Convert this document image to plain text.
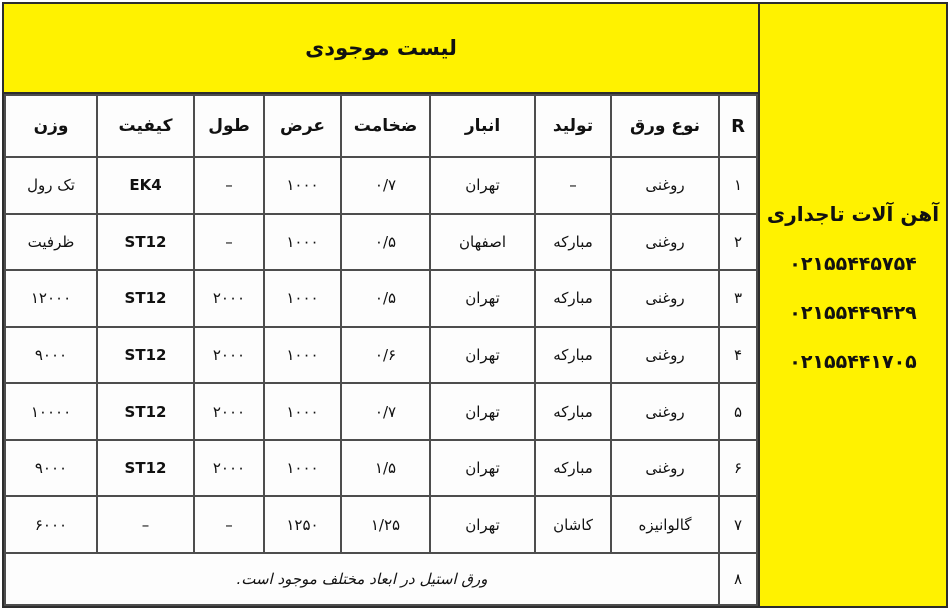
آهن آلات تاجداری
۰۲۱۵۵۴۴۵۷۵۴
۰۲۱۵۵۴۴۹۴۲۹
۰۲۱۵۵۴۴۱۷۰۵
لیست موجودی
R	نوع ورق	تولید	انبار	ضخامت	عرض	طول	کیفیت	وزن
۱	روغنی	–	تهران	۰/۷	۱۰۰۰	–	EK4	تک رول
۲	روغنی	مبارکه	اصفهان	۰/۵	۱۰۰۰	–	ST12	ظرفیت
۳	روغنی	مبارکه	تهران	۰/۵	۱۰۰۰	۲۰۰۰	ST12	۱۲۰۰۰
۴	روغنی	مبارکه	تهران	۰/۶	۱۰۰۰	۲۰۰۰	ST12	۹۰۰۰
۵	روغنی	مبارکه	تهران	۰/۷	۱۰۰۰	۲۰۰۰	ST12	۱۰۰۰۰
۶	روغنی	مبارکه	تهران	۱/۵	۱۰۰۰	۲۰۰۰	ST12	۹۰۰۰
۷	گالوانیزه	کاشان	تهران	۱/۲۵	۱۲۵۰	–	–	۶۰۰۰
۸	ورق استیل در ابعاد مختلف موجود است.							
